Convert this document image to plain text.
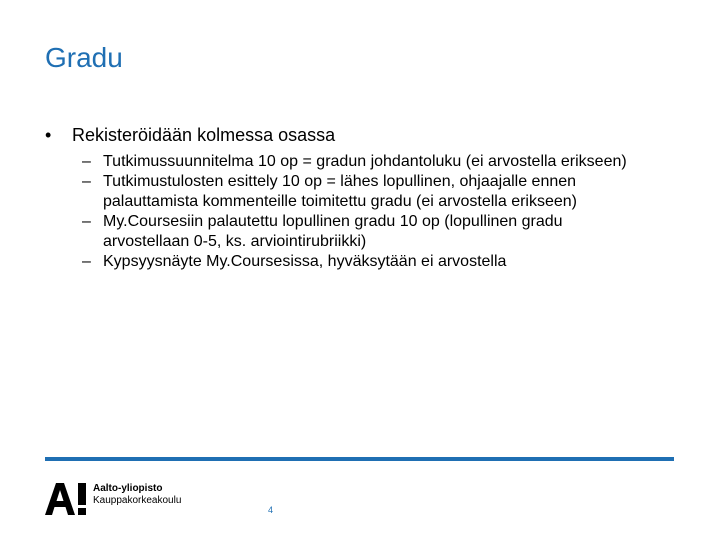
Gradu
• Rekisteröidään kolmessa osassa
– Tutkimussuunnitelma 10 op = gradun johdantoluku (ei arvostella erikseen)
– Tutkimustulosten esittely 10 op = lähes lopullinen, ohjaajalle ennen palauttamista kommenteille toimitettu gradu (ei arvostella erikseen)
– My.Coursesiin palautettu lopullinen gradu 10 op (lopullinen gradu arvostellaan 0-5, ks. arviointirubriikki)
– Kypsyysnäyte My.Coursesissa, hyväksytään ei arvostella
Aalto-yliopisto
Kauppakorkeakoulu
4
